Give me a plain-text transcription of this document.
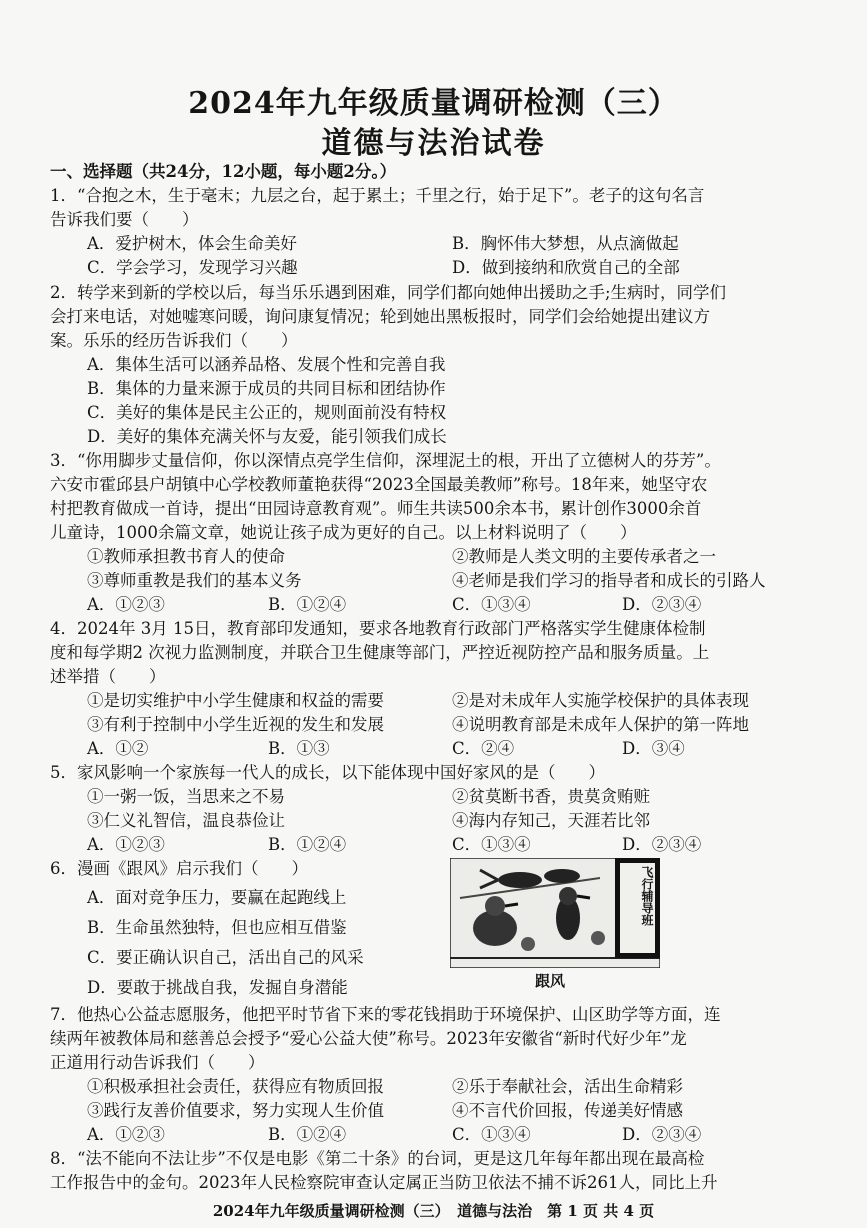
2024年九年级质量调研检测（三）
道德与法治试卷
一、选择题（共24分，12小题，每小题2分。）
1．“合抱之木，生于毫末；九层之台，起于累土；千里之行，始于足下”。老子的这句名言
告诉我们要（　　）
A．爱护树木，体会生命美好	B．胸怀伟大梦想，从点滴做起
C．学会学习，发现学习兴趣	D．做到接纳和欣赏自己的全部
2．转学来到新的学校以后，每当乐乐遇到困难，同学们都向她伸出援助之手;生病时，同学们
会打来电话，对她嘘寒问暖，询问康复情况；轮到她出黑板报时，同学们会给她提出建议方
案。乐乐的经历告诉我们（　　）
A．集体生活可以涵养品格、发展个性和完善自我
B．集体的力量来源于成员的共同目标和团结协作
C．美好的集体是民主公正的，规则面前没有特权
D．美好的集体充满关怀与友爱，能引领我们成长
3．“你用脚步丈量信仰，你以深情点亮学生信仰，深埋泥土的根，开出了立德树人的芬芳”。
六安市霍邱县户胡镇中心学校教师董艳获得“2023全国最美教师”称号。18年来，她坚守农
村把教育做成一首诗，提出“田园诗意教育观”。师生共读500余本书，累计创作3000余首
儿童诗，1000余篇文章，她说让孩子成为更好的自己。以上材料说明了（　　）
①教师承担教书育人的使命	②教师是人类文明的主要传承者之一
③尊师重教是我们的基本义务	④老师是我们学习的指导者和成长的引路人
A．①②③	B．①②④	C．①③④	D．②③④
4．2024年 3月 15日，教育部印发通知，要求各地教育行政部门严格落实学生健康体检制
度和每学期2 次视力监测制度，并联合卫生健康等部门，严控近视防控产品和服务质量。上
述举措（　　）
①是切实维护中小学生健康和权益的需要	②是对未成年人实施学校保护的具体表现
③有利于控制中小学生近视的发生和发展	④说明教育部是未成年人保护的第一阵地
A．①②	B．①③	C．②④	D．③④
5．家风影响一个家族每一代人的成长，以下能体现中国好家风的是（　　）
①一粥一饭，当思来之不易	②贫莫断书香，贵莫贪贿赃
③仁义礼智信，温良恭俭让	④海内存知己，天涯若比邻
A．①②③	B．①②④	C．①③④	D．②③④
6．漫画《跟风》启示我们（　　）
A．面对竞争压力，要赢在起跑线上
B．生命虽然独特，但也应相互借鉴
C．要正确认识自己，活出自己的风采
D．要敢于挑战自我，发掘自身潜能
飞行辅导班
跟风
7．他热心公益志愿服务，他把平时节省下来的零花钱捐助于环境保护、山区助学等方面，连
续两年被教体局和慈善总会授予“爱心公益大使”称号。2023年安徽省“新时代好少年”龙
正道用行动告诉我们（　　）
①积极承担社会责任，获得应有物质回报	②乐于奉献社会，活出生命精彩
③践行友善价值要求，努力实现人生价值	④不言代价回报，传递美好情感
A．①②③	B．①②④	C．①③④	D．②③④
8．“法不能向不法让步”不仅是电影《第二十条》的台词，更是这几年每年都出现在最高检
工作报告中的金句。2023年人民检察院审查认定属正当防卫依法不捕不诉261人，同比上升
2024年九年级质量调研检测（三）　道德与法治　第 1 页 共 4 页
